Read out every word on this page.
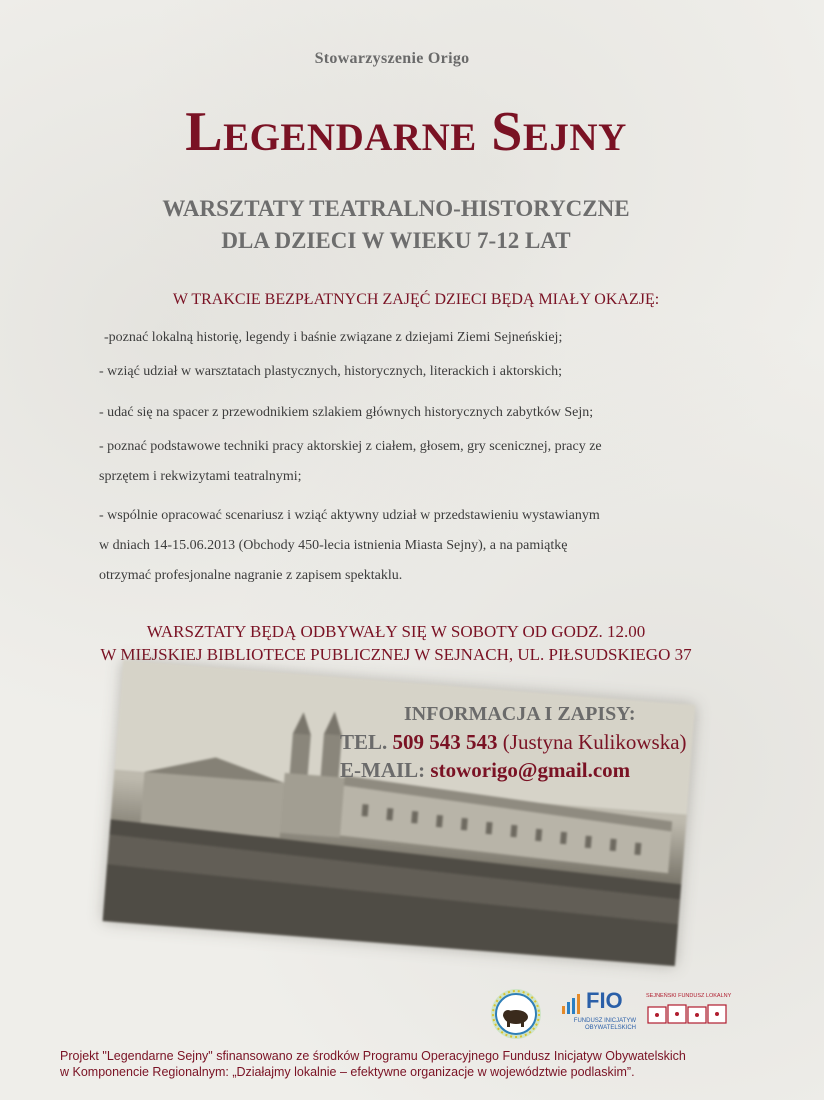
Stowarzyszenie Origo
Legendarne Sejny
WARSZTATY TEATRALNO-HISTORYCZNE
DLA DZIECI W WIEKU 7-12 LAT
W TRAKCIE BEZPŁATNYCH ZAJĘĆ DZIECI BĘDĄ MIAŁY OKAZJĘ:
-poznać lokalną historię, legendy i baśnie związane z dziejami Ziemi Sejneńskiej;
- wziąć udział w warsztatach plastycznych, historycznych, literackich i aktorskich;
- udać się na spacer z przewodnikiem szlakiem głównych historycznych zabytków Sejn;
- poznać podstawowe techniki pracy aktorskiej z ciałem, głosem, gry scenicznej, pracy ze
sprzętem i rekwizytami teatralnymi;
- wspólnie opracować scenariusz i wziąć aktywny udział w przedstawieniu wystawianym
w dniach 14-15.06.2013 (Obchody 450-lecia istnienia Miasta Sejny), a na pamiątkę
otrzymać profesjonalne nagranie z zapisem spektaklu.
WARSZTATY BĘDĄ ODBYWAŁY SIĘ W SOBOTY OD GODZ. 12.00
W MIEJSKIEJ BIBLIOTECE PUBLICZNEJ W SEJNACH, UL. PIŁSUDSKIEGO 37
INFORMACJA I ZAPISY:
TEL. 509 543 543 (Justyna Kulikowska)
E-MAIL: stoworigo@gmail.com
FIO
FUNDUSZ INICJATYW OBYWATELSKICH
SEJNEŃSKI FUNDUSZ LOKALNY
Projekt "Legendarne Sejny" sfinansowano ze środków Programu Operacyjnego Fundusz Inicjatyw Obywatelskich
w Komponencie Regionalnym: „Działajmy lokalnie – efektywne organizacje w województwie podlaskim”.
